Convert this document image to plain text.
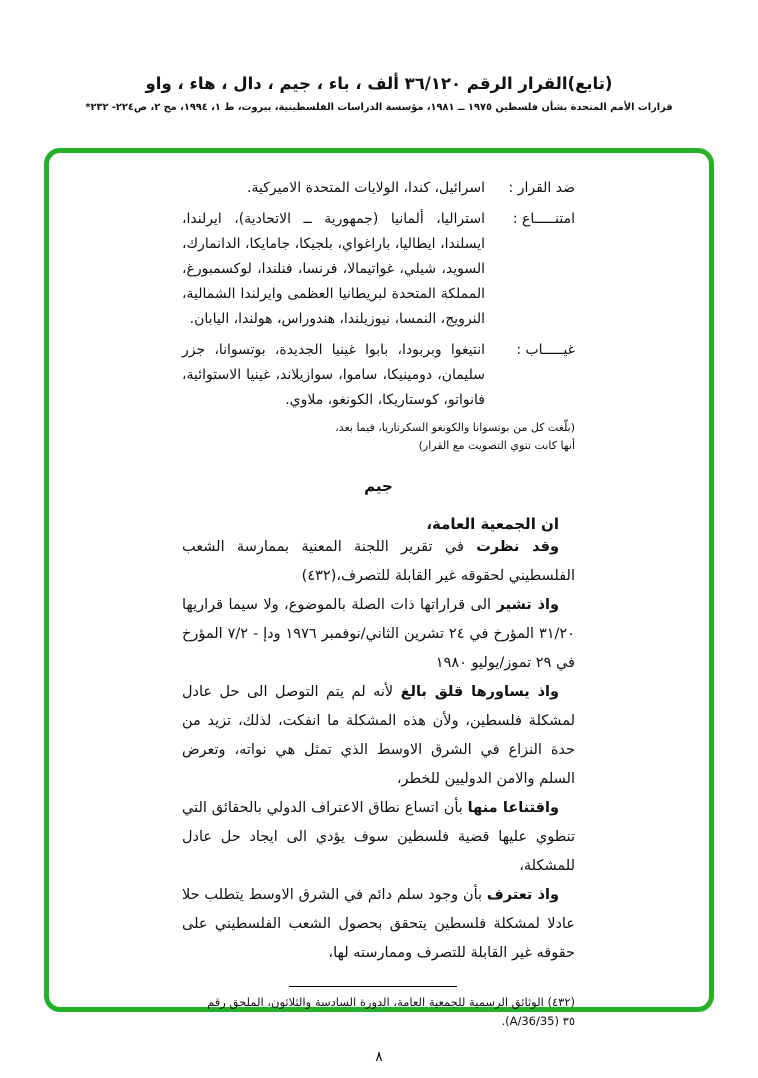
(تابع)القرار الرقم ٣٦/١٢٠ ألف ، باء ، جيم ، دال ، هاء ، واو
قرارات الأمم المتحدة بشأن فلسطين ١٩٧٥ ــ ١٩٨١، مؤسسة الدراسات الفلسطينية، بيروت، ط ١، ١٩٩٤، مج ٢، ص٢٢٤- ٢٣٢*
ضد القرار :
اسرائيل، كندا، الولايات المتحدة الاميركية.
امتنـــــاع :
استراليا، ألمانيا (جمهورية ــ الاتحادية)، ايرلندا، ايسلندا، ايطاليا، باراغواي، بلجيكا، جامايكا، الدانمارك، السويد، شيلي، غواتيمالا، فرنسا، فنلندا، لوكسمبورغ، المملكة المتحدة لبريطانيا العظمى وايرلندا الشمالية، النرويج، النمسا، نيوزيلندا، هندوراس، هولندا، اليابان.
غيـــــاب :
انتيغوا وبربودا، بابوا غينيا الجديدة، بوتسوانا، جزر سليمان، دومينيكا، ساموا، سوازيلاند، غينيا الاستوائية، فانواتو، كوستاريكا، الكونغو، ملاوي.
(بلّغت كل من بوتسوانا والكونغو السكرتاريا، فيما بعد، أنها كانت تنوي التصويت مع القرار)
جيم
ان الجمعية العامة،

وقد نظرت في تقرير اللجنة المعنية بممارسة الشعب الفلسطيني لحقوقه غير القابلة للتصرف،(٤٣٢)

واذ تشير الى قراراتها ذات الصلة بالموضوع، ولا سيما قراريها ٣١/٢٠ المؤرخ في ٢٤ تشرين الثاني/نوفمبر ١٩٧٦ ودإ - ٧/٢ المؤرخ في ٢٩ تموز/يوليو ١٩٨٠

واذ يساورها قلق بالغ لأنه لم يتم التوصل الى حل عادل لمشكلة فلسطين، ولأن هذه المشكلة ما انفكت، لذلك، تزيد من حدة النزاع في الشرق الاوسط الذي تمثل هي نواته، وتعرض السلم والامن الدوليين للخطر،

واقتناعا منها بأن اتساع نطاق الاعتراف الدولي بالحقائق التي تنطوي عليها قضية فلسطين سوف يؤدي الى ايجاد حل عادل للمشكلة،

واذ تعترف بأن وجود سلم دائم في الشرق الاوسط يتطلب حلا عادلا لمشكلة فلسطين يتحقق بحصول الشعب الفلسطيني على حقوقه غير القابلة للتصرف وممارسته لها،

(٤٣٢) الوثائق الرسمية للجمعية العامة، الدورة السادسة والثلاثون، الملحق رقم
٣٥ (A/36/35).
٨
